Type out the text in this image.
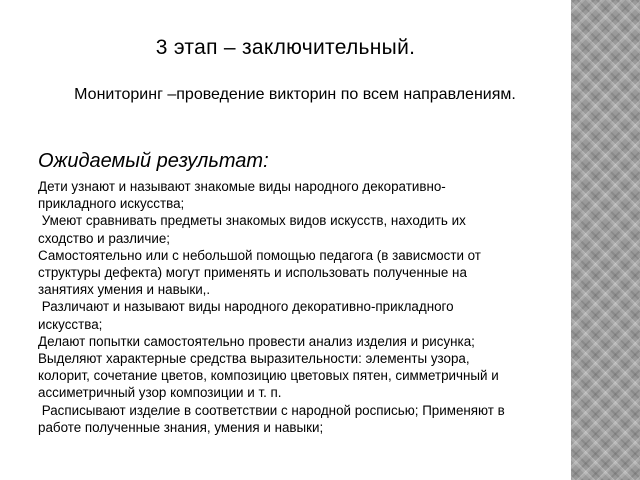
3 этап – заключительный.
Мониторинг –проведение викторин по всем направлениям.
Ожидаемый результат:
Дети узнают и называют знакомые виды народного декоративно-
прикладного искусства;
Умеют сравнивать предметы знакомых видов искусств, находить их
сходство и различие;
Самостоятельно или с небольшой помощью педагога (в зависмости от
структуры дефекта) могут применять и использовать полученные на
занятиях умения и навыки,.
Различают и называют виды народного декоративно-прикладного
искусства;
Делают попытки самостоятельно провести анализ изделия и рисунка;
Выделяют характерные средства выразительности: элементы узора,
колорит, сочетание цветов, композицию цветовых пятен, симметричный и
ассиметричный узор композиции и т. п.
Расписывают изделие в соответствии с народной росписью; Применяют в
работе полученные знания, умения и навыки;
